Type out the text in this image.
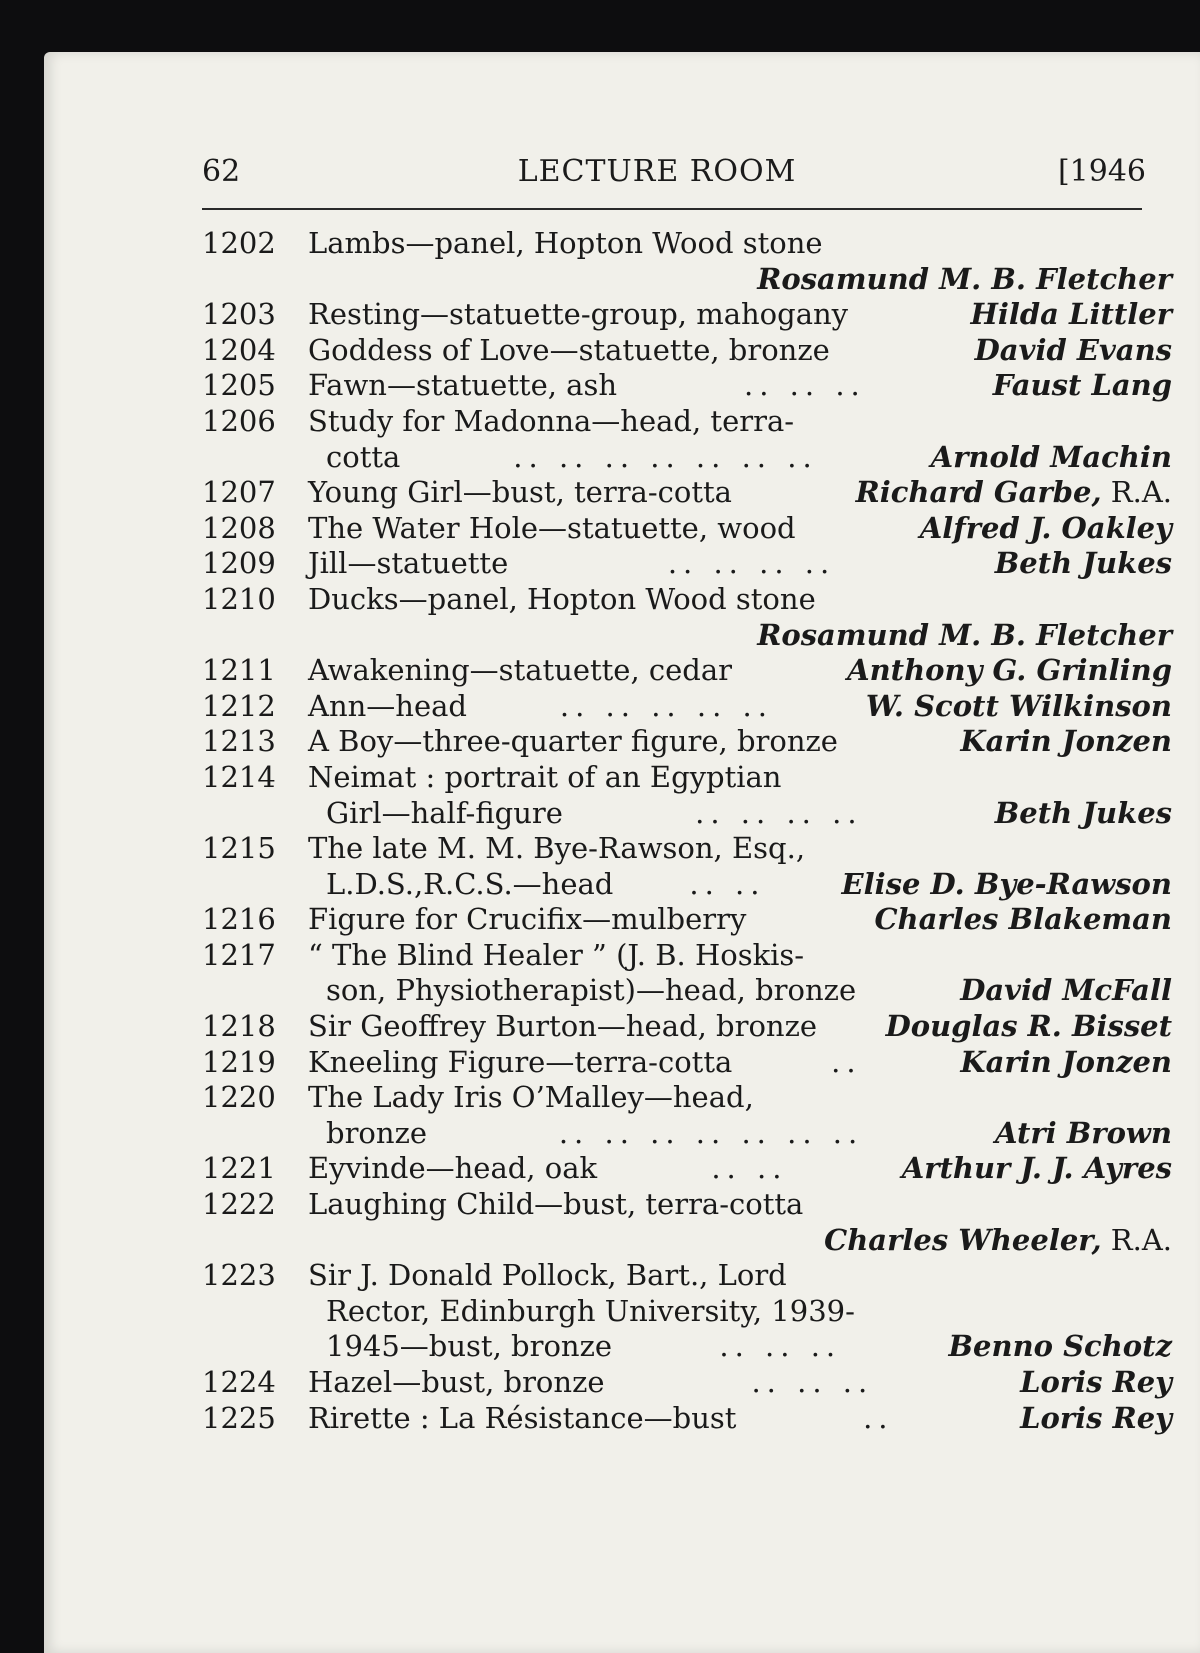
62	LECTURE ROOM	[1946
1202	Lambs—panel, Hopton Wood stone
Rosamund M. B. Fletcher
1203	Resting—statuette-group, mahogany	Hilda Littler
1204	Goddess of Love—statuette, bronze	David Evans
1205	Fawn—statuette, ash	.. .. ..	Faust Lang
1206	Study for Madonna—head, terra-
cotta	.. .. .. .. .. .. ..	Arnold Machin
1207	Young Girl—bust, terra-cotta	Richard Garbe, R.A.
1208	The Water Hole—statuette, wood	Alfred J. Oakley
1209	Jill—statuette	.. .. .. ..	Beth Jukes
1210	Ducks—panel, Hopton Wood stone
Rosamund M. B. Fletcher
1211	Awakening—statuette, cedar	Anthony G. Grinling
1212	Ann—head	.. .. .. .. ..	W. Scott Wilkinson
1213	A Boy—three-quarter figure, bronze	Karin Jonzen
1214	Neimat : portrait of an Egyptian
Girl—half-figure	.. .. .. ..	Beth Jukes
1215	The late M. M. Bye-Rawson, Esq.,
L.D.S.,R.C.S.—head	.. ..	Elise D. Bye-Rawson
1216	Figure for Crucifix—mulberry	Charles Blakeman
1217	“ The Blind Healer ” (J. B. Hoskis-
son, Physiotherapist)—head, bronze	David McFall
1218	Sir Geoffrey Burton—head, bronze Douglas R. Bisset
1219	Kneeling Figure—terra-cotta	..	Karin Jonzen
1220	The Lady Iris O’Malley—head,
bronze	.. .. .. .. .. .. ..	Atri Brown
1221	Eyvinde—head, oak	.. ..	Arthur J. J. Ayres
1222	Laughing Child—bust, terra-cotta
Charles Wheeler, R.A.
1223	Sir J. Donald Pollock, Bart., Lord
Rector, Edinburgh University, 1939-
1945—bust, bronze	.. .. ..	Benno Schotz
1224	Hazel—bust, bronze	.. .. ..	Loris Rey
1225	Rirette : La Résistance—bust	..	Loris Rey
